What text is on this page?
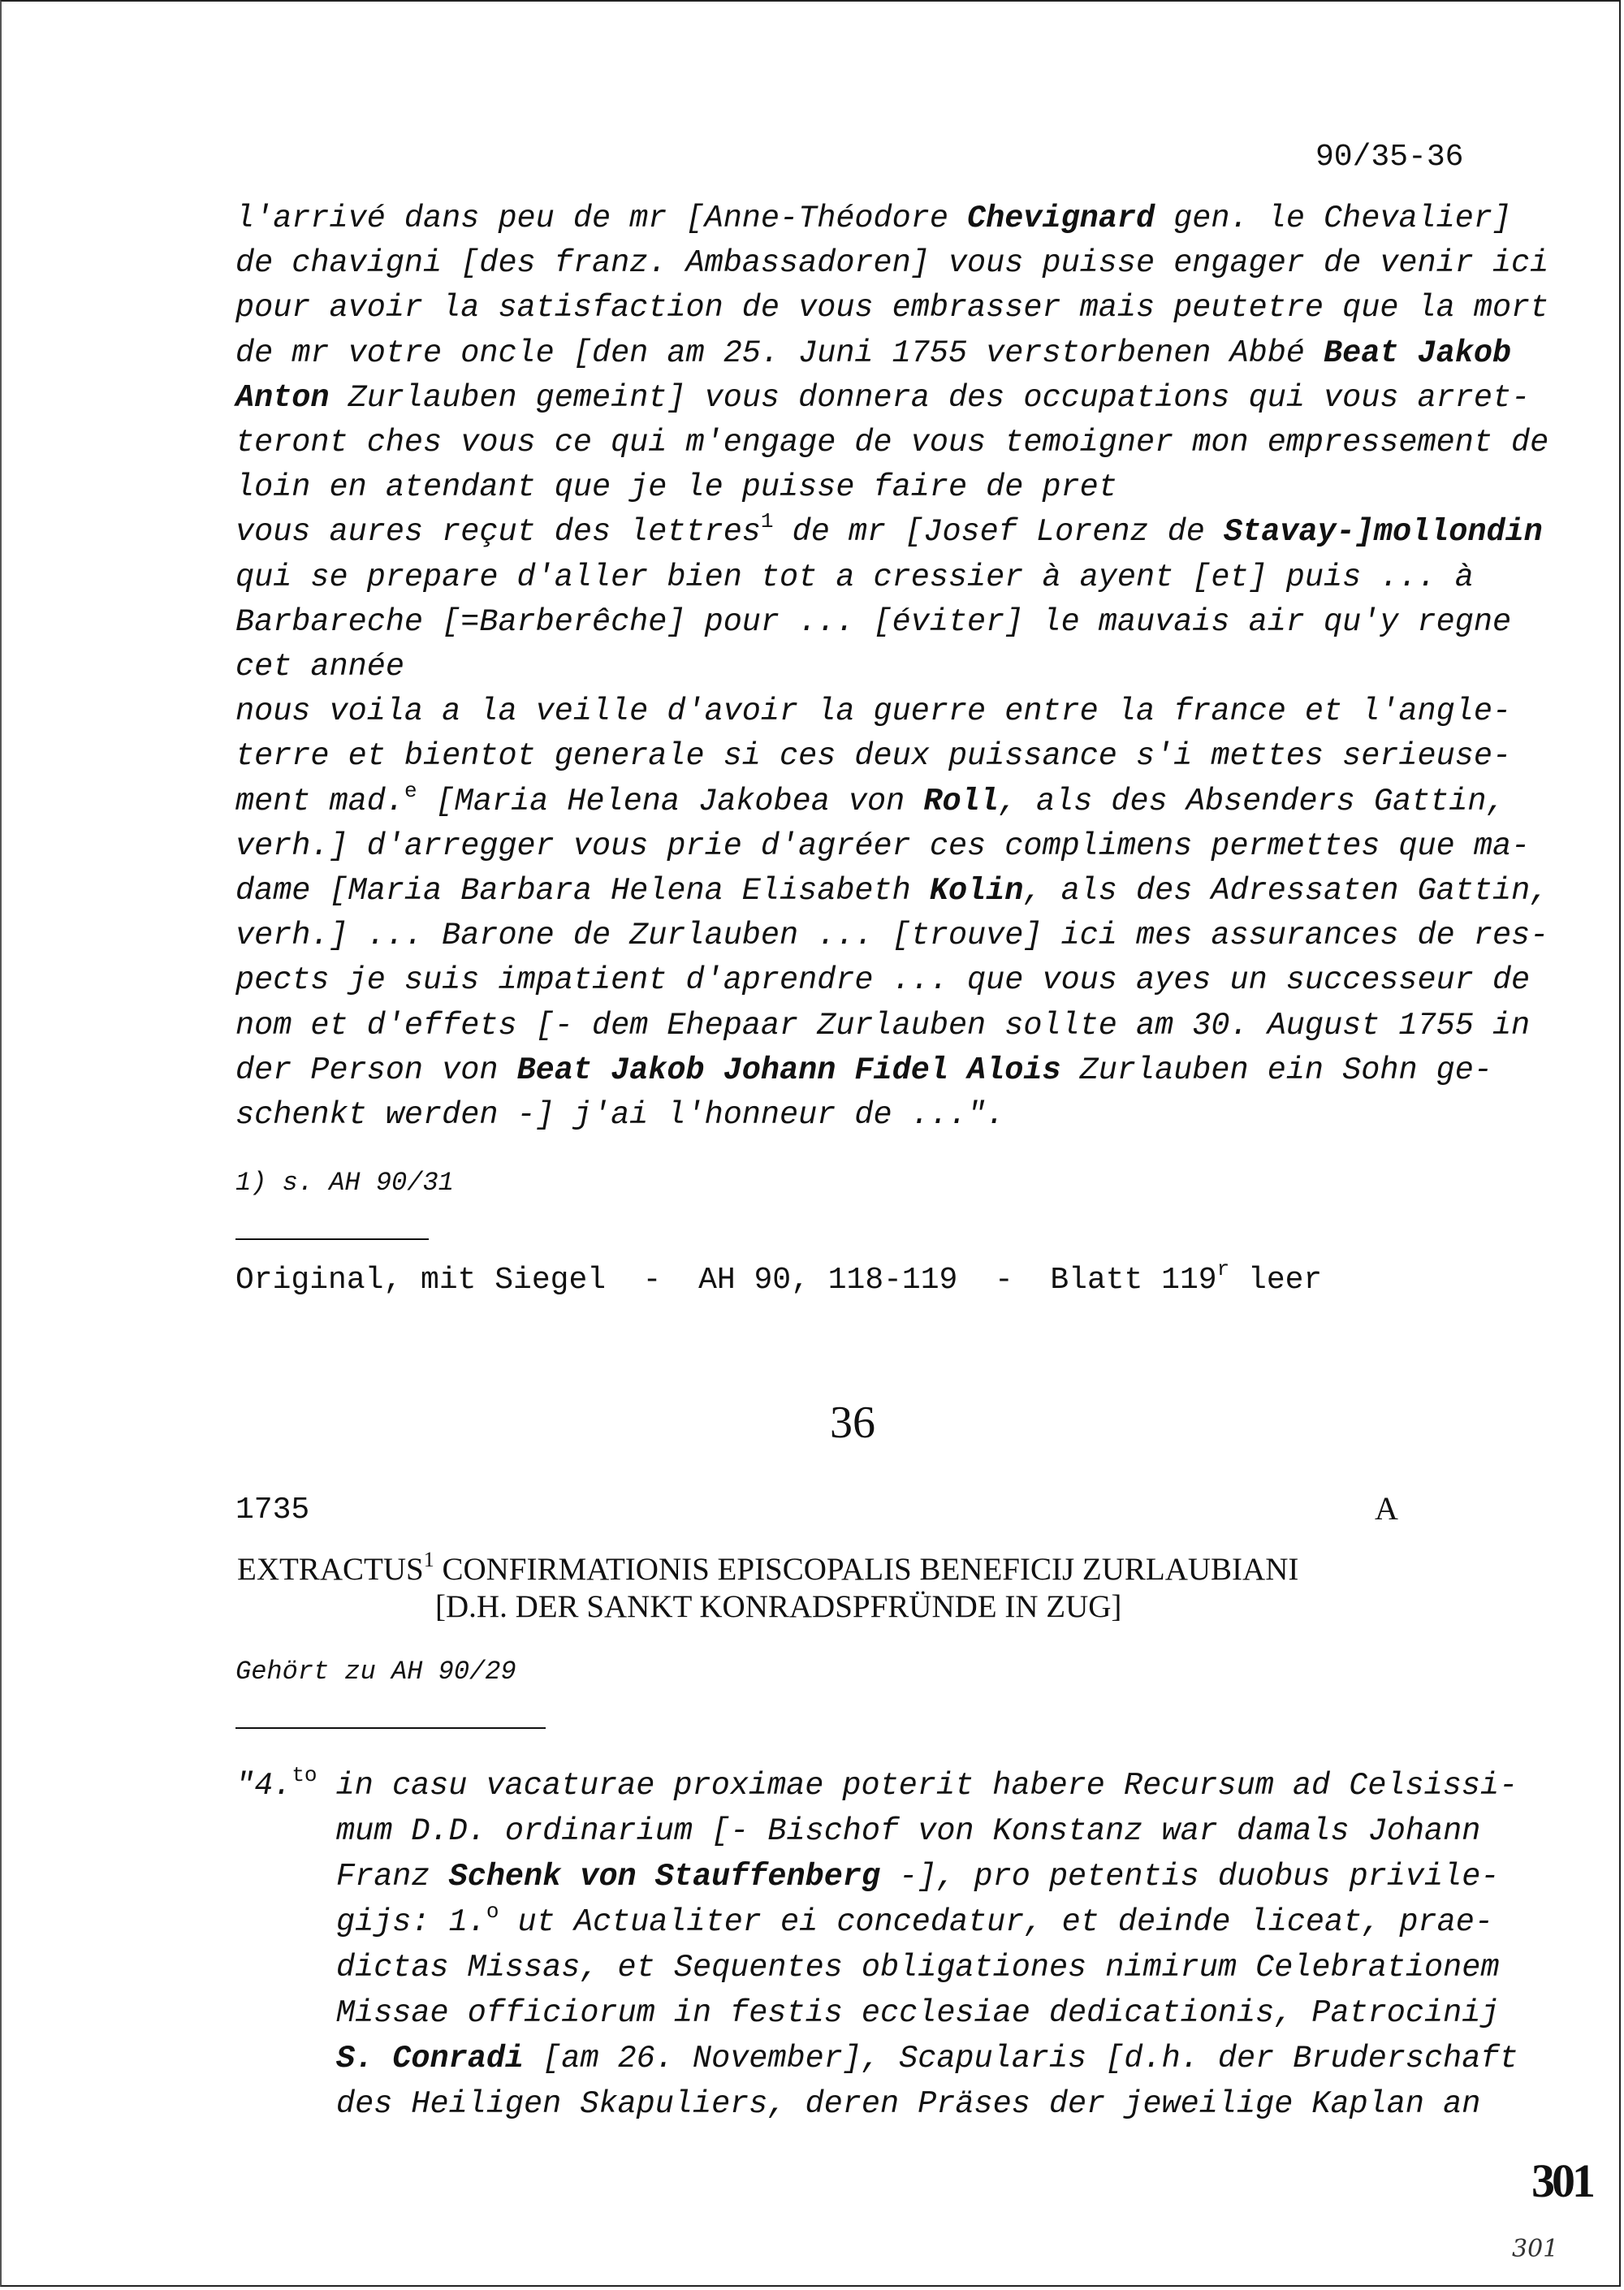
90/35-36
l'arrivé dans peu de mr [Anne-Théodore Chevignard gen. le Chevalier]
de chavigni [des franz. Ambassadoren] vous puisse engager de venir ici
pour avoir la satisfaction de vous embrasser mais peutetre que la mort
de mr votre oncle [den am 25. Juni 1755 verstorbenen Abbé Beat Jakob
Anton Zurlauben gemeint] vous donnera des occupations qui vous arret-
teront ches vous ce qui m'engage de vous temoigner mon empressement de
loin en atendant que je le puisse faire de pret
vous aures reçut des lettres$^1$ de mr [Josef Lorenz de Stavay-]mollondin
qui se prepare d'aller bien tot a cressier à ayent [et] puis ... à
Barbareche [=Barberêche] pour ... [éviter] le mauvais air qu'y regne
cet année
nous voila a la veille d'avoir la guerre entre la france et l'angle-
terre et bientot generale si ces deux puissance s'i mettes serieuse-
ment mad.$^e$ [Maria Helena Jakobea von Roll, als des Absenders Gattin,
verh.] d'arregger vous prie d'agréer ces complimens permettes que ma-
dame [Maria Barbara Helena Elisabeth Kolin, als des Adressaten Gattin,
verh.] ... Barone de Zurlauben ... [trouve] ici mes assurances de res-
pects je suis impatient d'aprendre ... que vous ayes un successeur de
nom et d'effets [- dem Ehepaar Zurlauben sollte am 30. August 1755 in
der Person von Beat Jakob Johann Fidel Alois Zurlauben ein Sohn ge-
schenkt werden -] j'ai l'honneur de ...".
1) s. AH 90/31
Original, mit Siegel  -  AH 90, 118-119  -  Blatt 119$^r$ leer
36
1735	A
EXTRACTUS$^1$ CONFIRMATIONIS EPISCOPALIS BENEFICIJ ZURLAUBIANI
[D.H. DER SANKT KONRADSPFRÜNDE IN ZUG]
Gehört zu AH 90/29
"4.$^{to}$ in casu vacaturae proximae poterit habere Recursum ad Celsissi-
mum D.D. ordinarium [- Bischof von Konstanz war damals Johann
Franz Schenk von Stauffenberg -], pro petentis duobus privile-
gijs: 1.$^o$ ut Actualiter ei concedatur, et deinde liceat, prae-
dictas Missas, et Sequentes obligationes nimirum Celebrationem
Missae officiorum in festis ecclesiae dedicationis, Patrocinij
S. Conradi [am 26. November], Scapularis [d.h. der Bruderschaft
des Heiligen Skapuliers, deren Präses der jeweilige Kaplan an
301
301
